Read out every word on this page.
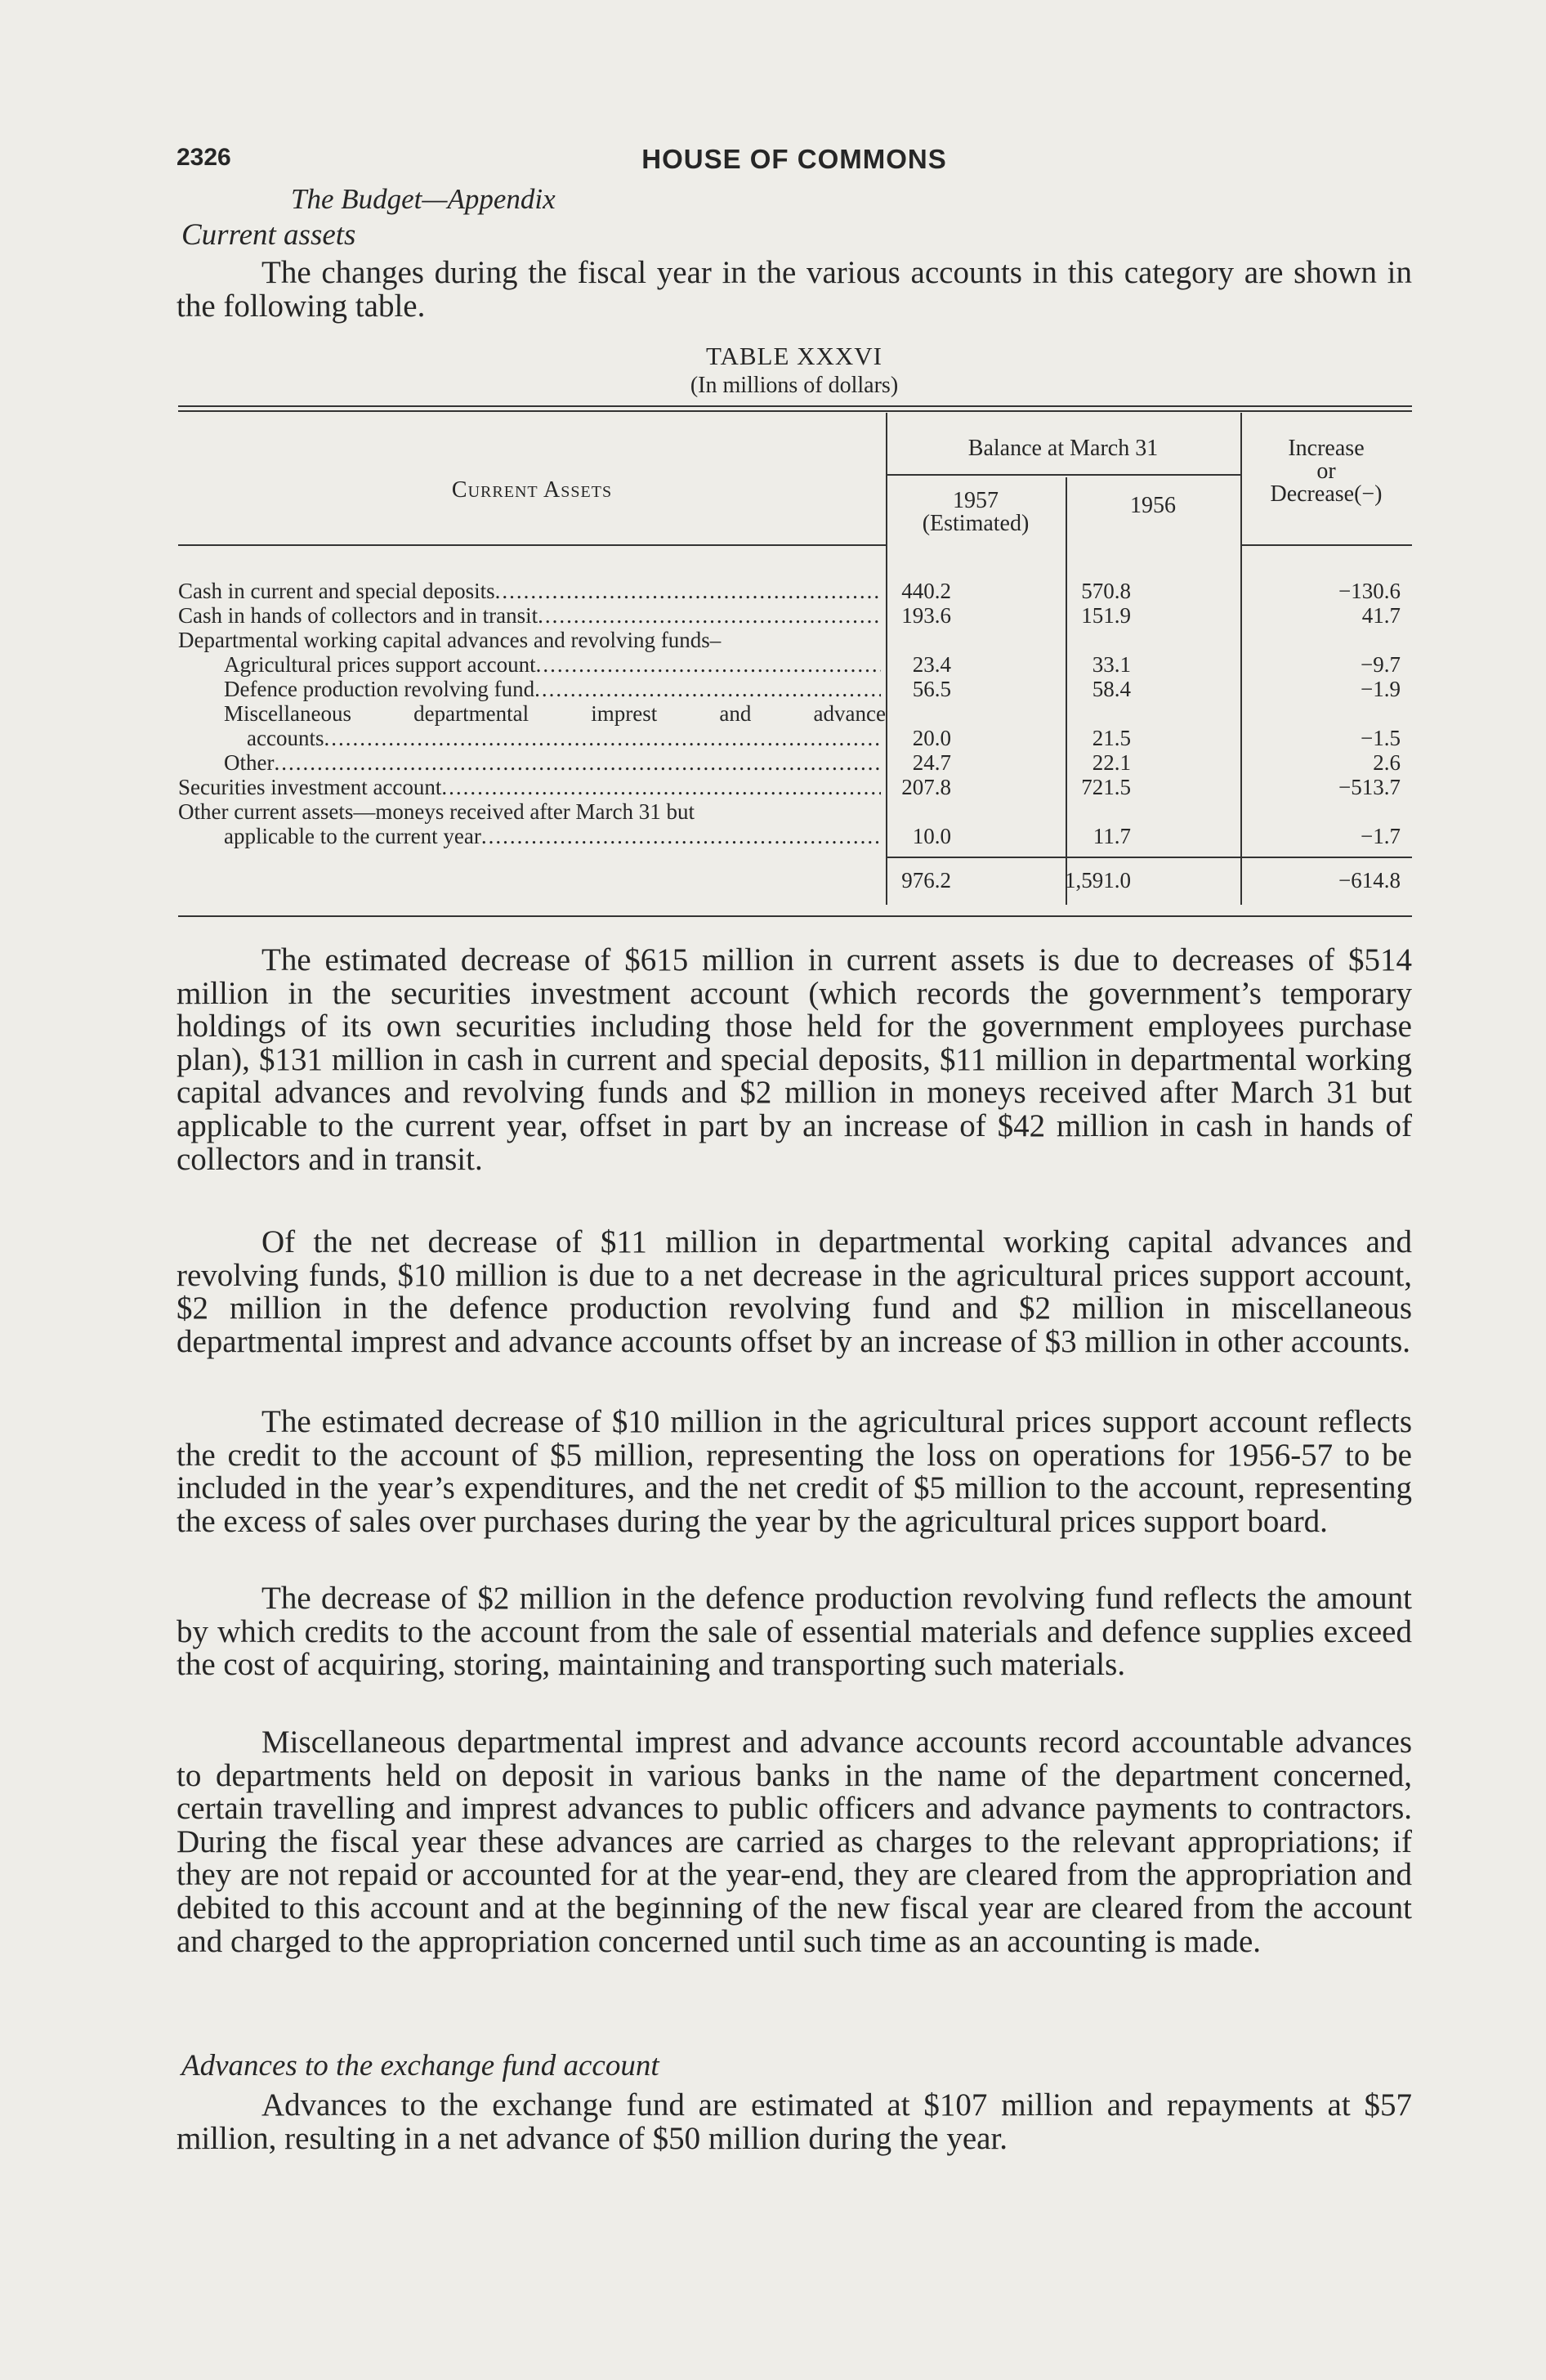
2326	HOUSE OF COMMONS
The Budget—Appendix
Current assets

The changes during the fiscal year in the various accounts in this category are shown in the following table.

TABLE XXXVI
(In millions of dollars)
Current Assets
Balance at March 31
1957
(Estimated)
1956
Increase
or
Decrease(−)
Cash in current and special deposits .....	440.2	570.8	−130.6
Cash in hands of collectors and in transit .....	193.6	151.9	41.7
Departmental working capital advances and revolving funds–
Agricultural prices support account .....	23.4	33.1	−9.7
Defence production revolving fund .....	56.5	58.4	−1.9
Miscellaneous departmental imprest and advance
accounts .....	20.0	21.5	−1.5
Other .....	24.7	22.1	2.6
Securities investment account .....	207.8	721.5	−513.7
Other current assets—moneys received after March 31 but
applicable to the current year .....	10.0	11.7	−1.7
976.2	1,591.0	−614.8

The estimated decrease of $615 million in current assets is due to decreases of $514 million in the securities investment account (which records the government’s temporary holdings of its own securities including those held for the government employees purchase plan), $131 million in cash in current and special deposits, $11 million in departmental working capital advances and revolving funds and $2 million in moneys received after March 31 but applicable to the current year, offset in part by an increase of $42 million in cash in hands of collectors and in transit.

Of the net decrease of $11 million in departmental working capital advances and revolving funds, $10 million is due to a net decrease in the agricultural prices support account, $2 million in the defence production revolving fund and $2 million in miscellaneous departmental imprest and advance accounts offset by an increase of $3 million in other accounts.

The estimated decrease of $10 million in the agricultural prices support account reflects the credit to the account of $5 million, representing the loss on operations for 1956-57 to be included in the year’s expenditures, and the net credit of $5 million to the account, representing the excess of sales over purchases during the year by the agricultural prices support board.

The decrease of $2 million in the defence production revolving fund reflects the amount by which credits to the account from the sale of essential materials and defence supplies exceed the cost of acquiring, storing, maintaining and transporting such materials.

Miscellaneous departmental imprest and advance accounts record accountable advances to departments held on deposit in various banks in the name of the department concerned, certain travelling and imprest advances to public officers and advance payments to contractors. During the fiscal year these advances are carried as charges to the relevant appropriations; if they are not repaid or accounted for at the year-end, they are cleared from the appropriation and debited to this account and at the beginning of the new fiscal year are cleared from the account and charged to the appropriation concerned until such time as an accounting is made.

Advances to the exchange fund account

Advances to the exchange fund are estimated at $107 million and repayments at $57 million, resulting in a net advance of $50 million during the year.
